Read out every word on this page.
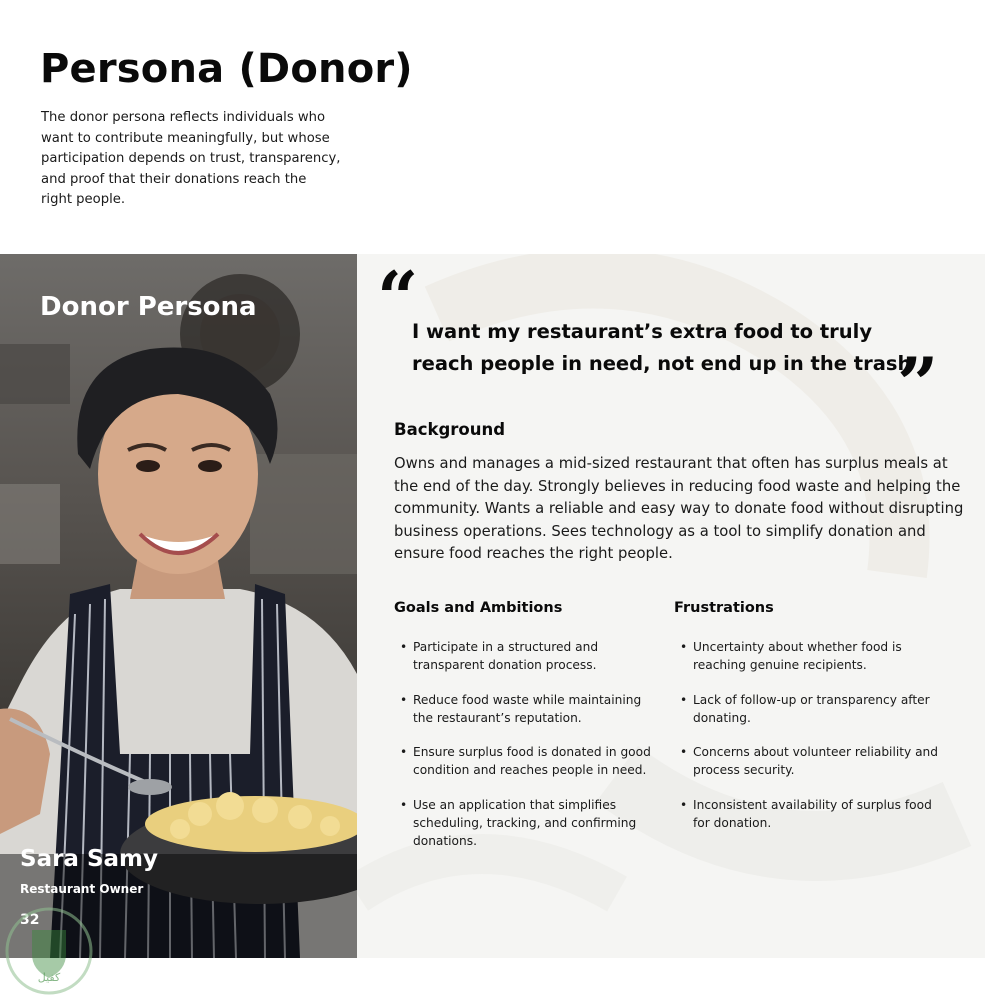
Persona (Donor)

The donor persona reflects individuals who want to contribute meaningfully, but whose participation depends on trust, transparency, and proof that their donations reach the right people.

Donor Persona
Sara Samy
Restaurant Owner
32
“

I want my restaurant’s extra food to truly reach people in need, not end up in the trash

”
Background

Owns and manages a mid-sized restaurant that often has surplus meals at the end of the day. Strongly believes in reducing food waste and helping the community. Wants a reliable and easy way to donate food without disrupting business operations. Sees technology as a tool to simplify donation and ensure food reaches the right people.

Goals and Ambitions
• Participate in a structured and transparent donation process.
• Reduce food waste while maintaining the restaurant’s reputation.
• Ensure surplus food is donated in good condition and reaches people in need.
• Use an application that simplifies scheduling, tracking, and confirming donations.
Frustrations
• Uncertainty about whether food is reaching genuine recipients.
• Lack of follow-up or transparency after donating.
• Concerns about volunteer reliability and process security.
• Inconsistent availability of surplus food for donation.
كفيل
